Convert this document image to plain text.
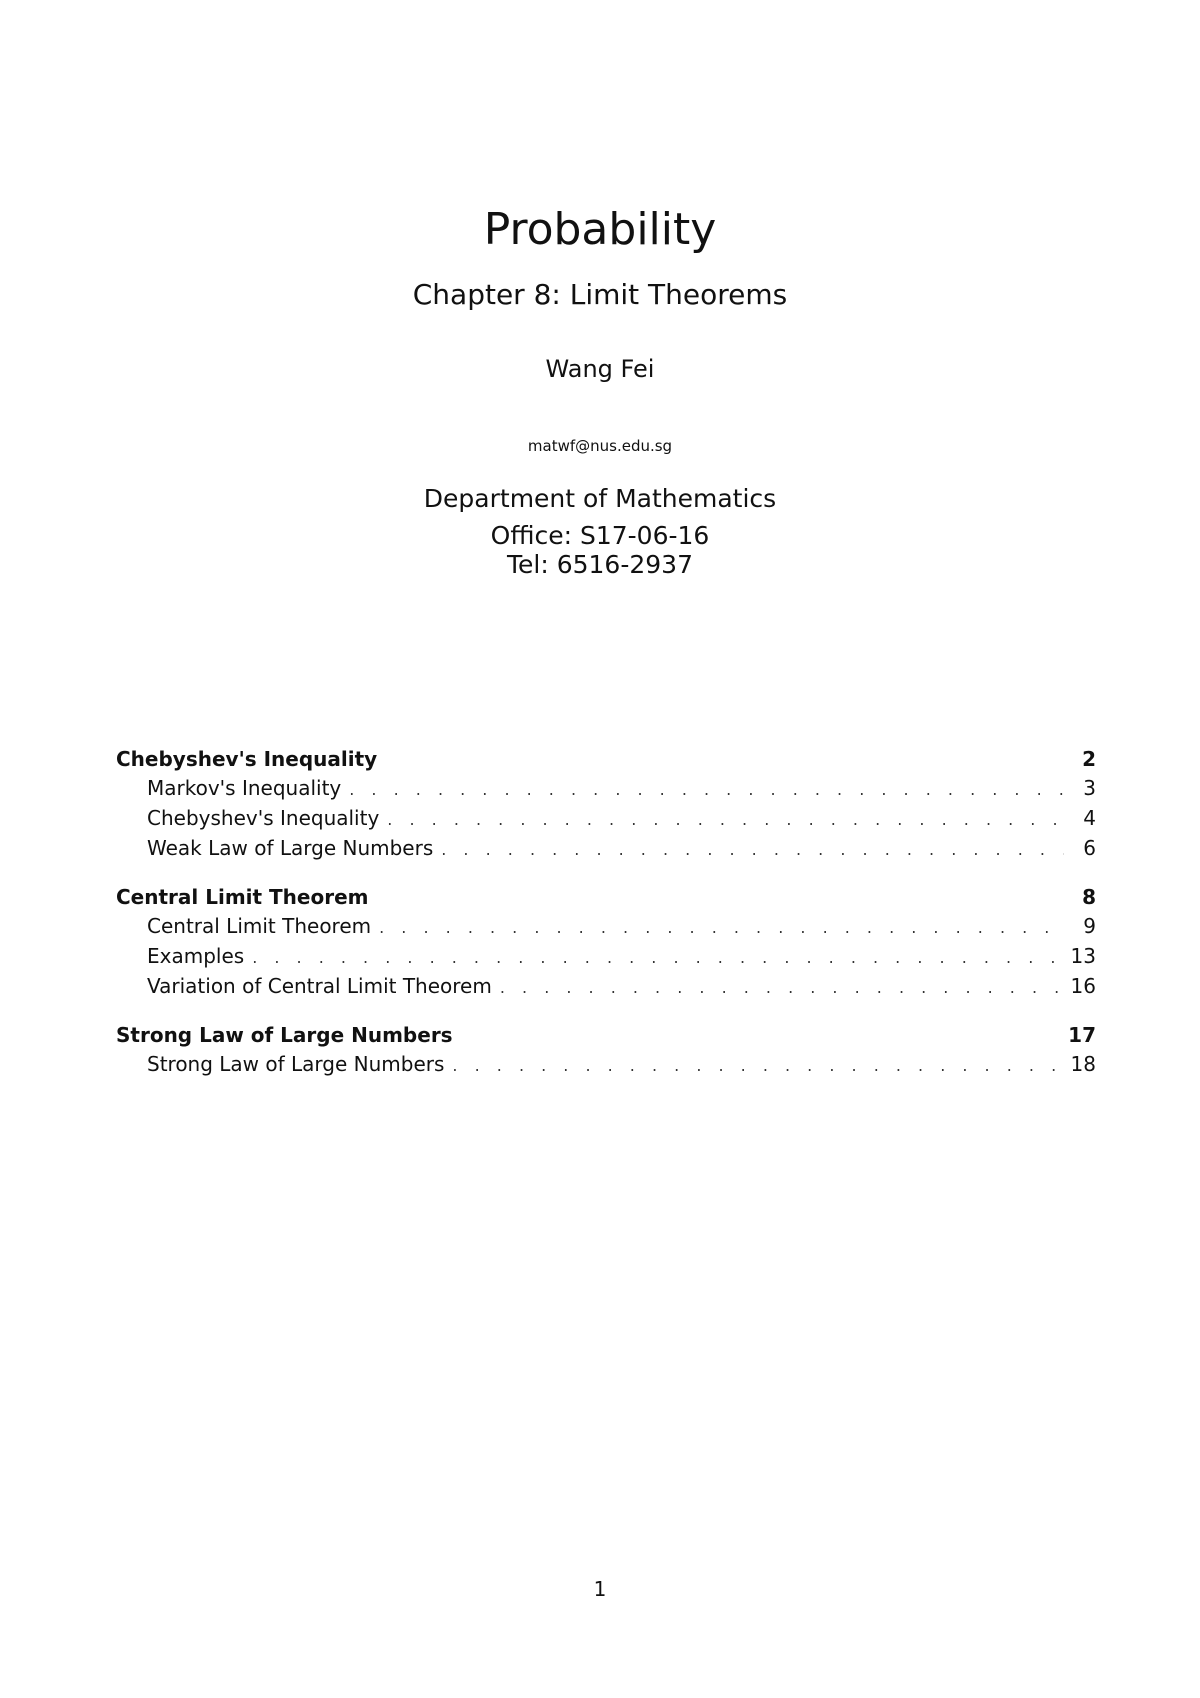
Probability
Chapter 8: Limit Theorems
Wang Fei
matwf@nus.edu.sg
Department of Mathematics
Office: S17-06-16
Tel: 6516-2937
Chebyshev's Inequality	2
Markov's Inequality . . .	3
Chebyshev's Inequality . . .	4
Weak Law of Large Numbers . . .	6
Central Limit Theorem	8
Central Limit Theorem . . .	9
Examples . . .	13
Variation of Central Limit Theorem . . .	16
Strong Law of Large Numbers	17
Strong Law of Large Numbers . . .	18
1
